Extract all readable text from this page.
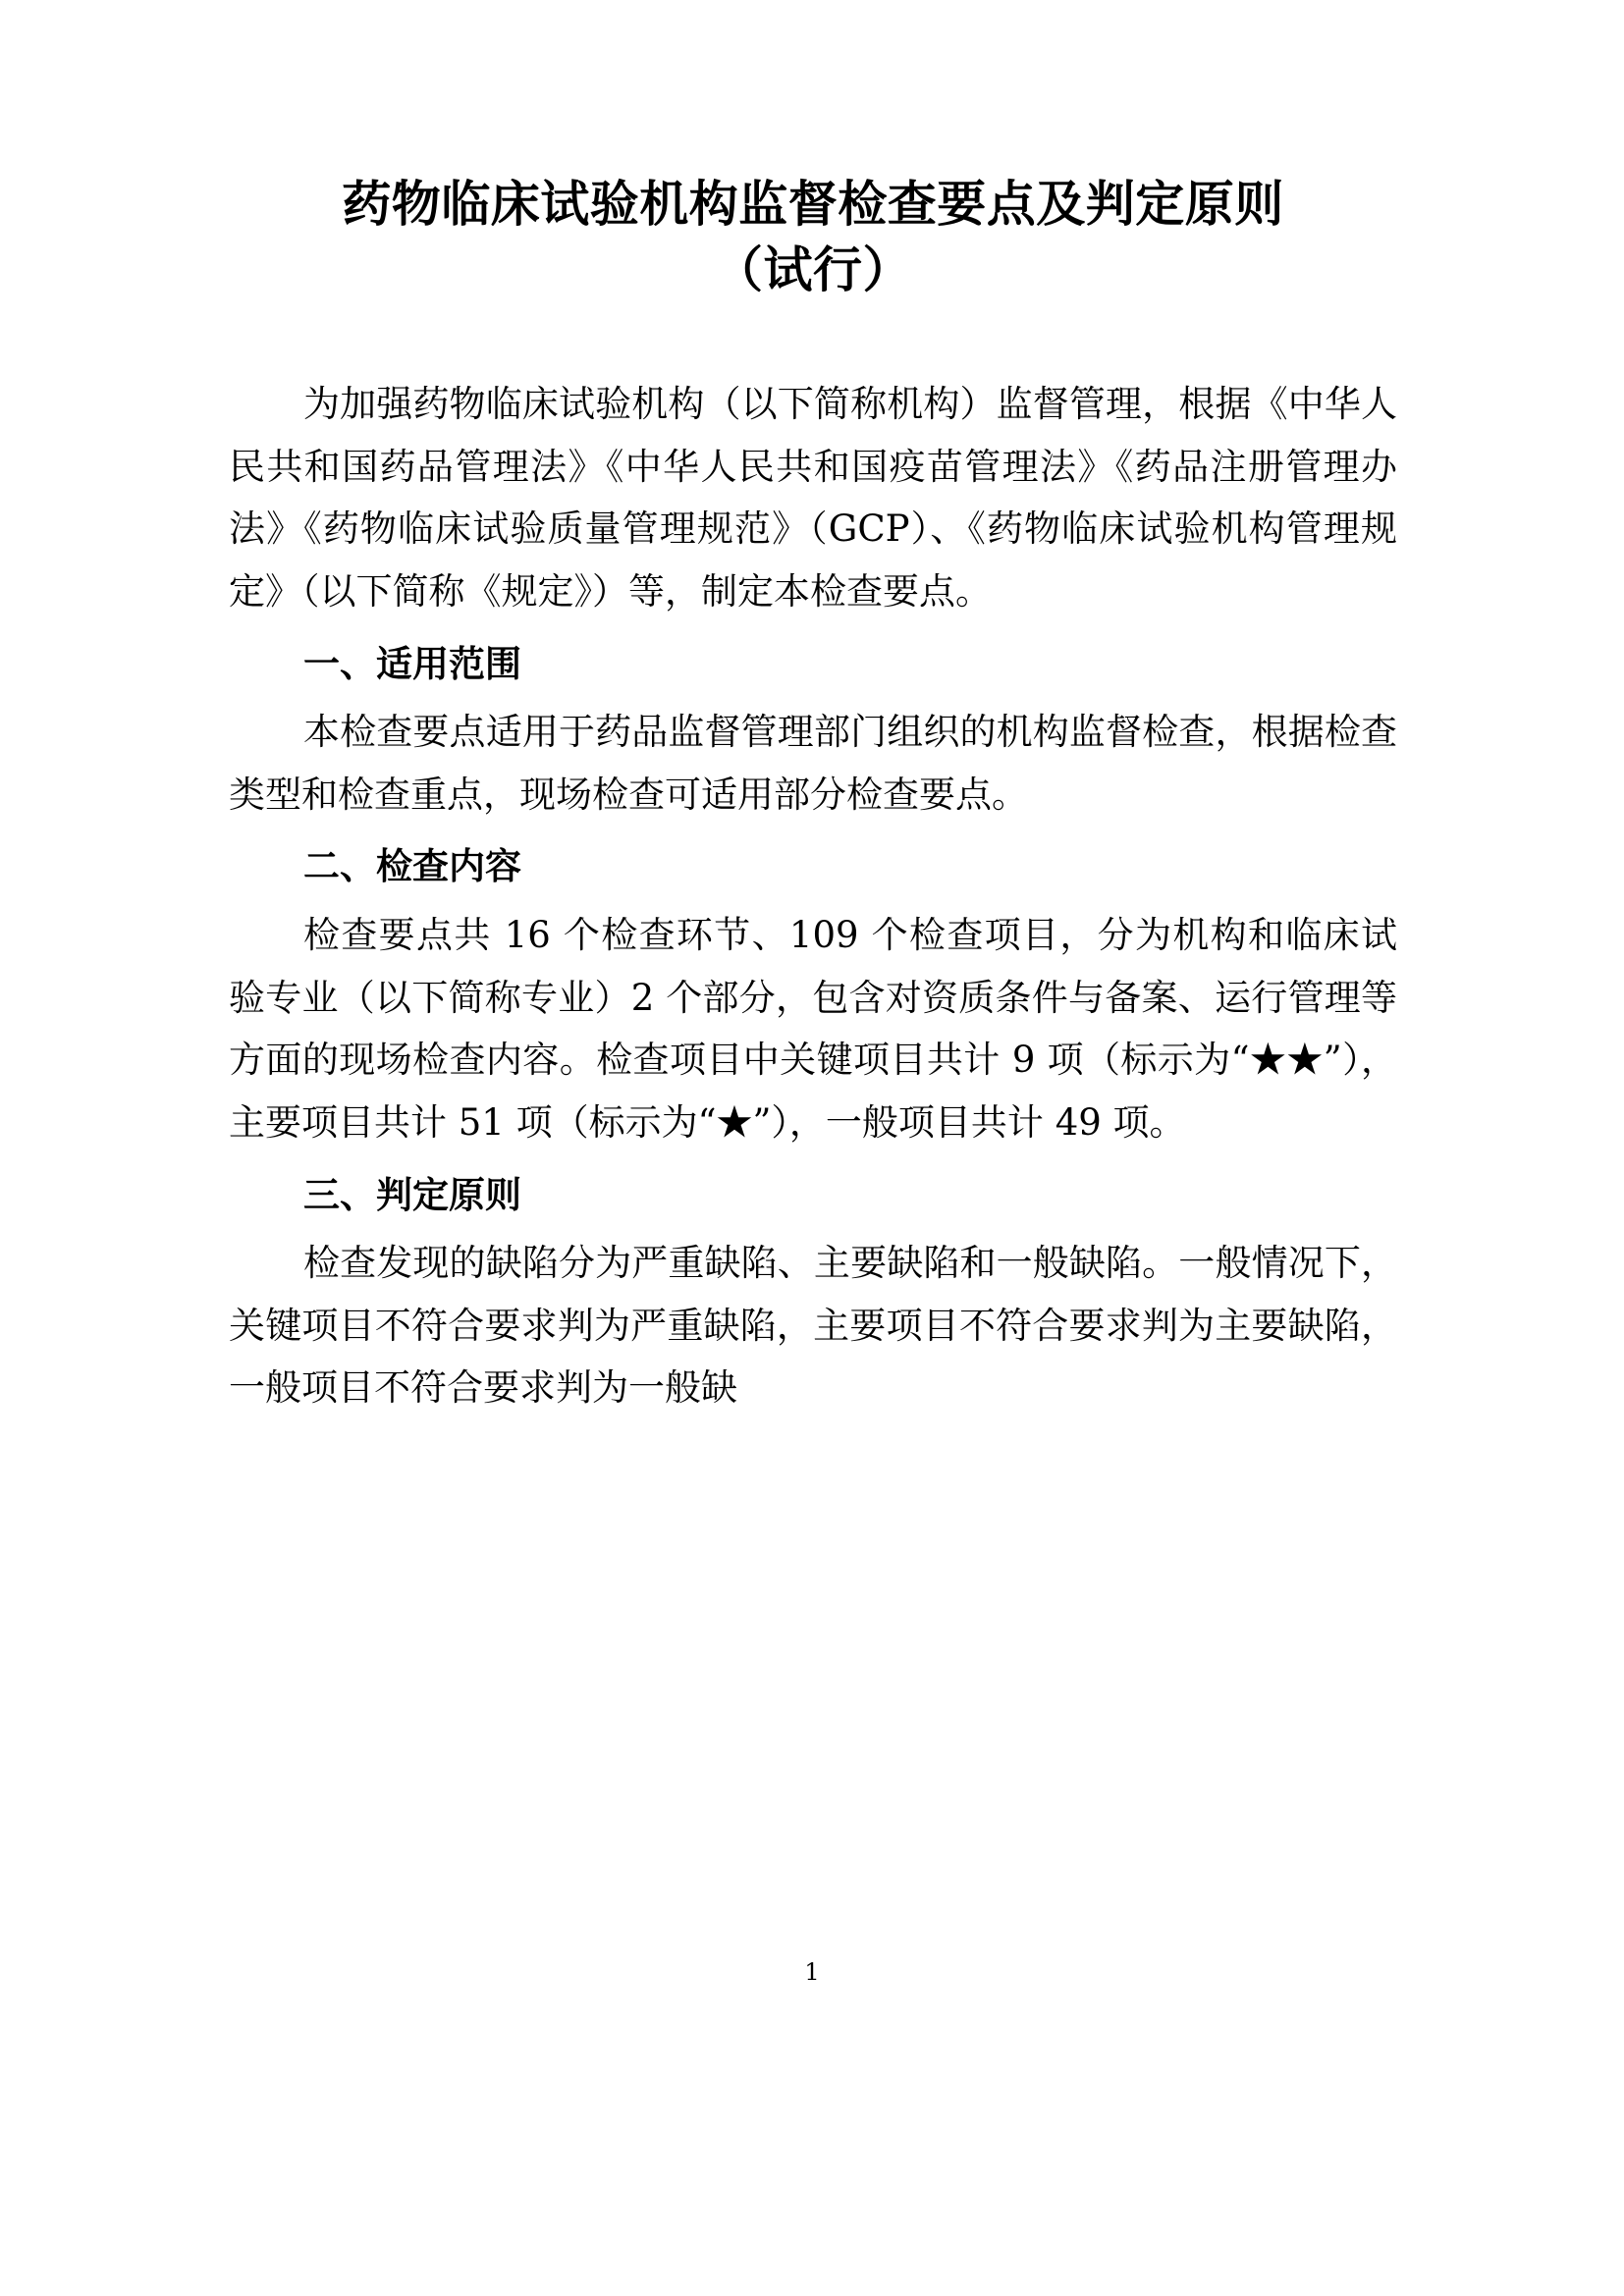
药物临床试验机构监督检查要点及判定原则
（试行）

为加强药物临床试验机构（以下简称机构）监督管理，根据《中华人民共和国药品管理法》《中华人民共和国疫苗管理法》《药品注册管理办法》《药物临床试验质量管理规范》（GCP）、《药物临床试验机构管理规定》（以下简称《规定》）等，制定本检查要点。

一、适用范围

本检查要点适用于药品监督管理部门组织的机构监督检查，根据检查类型和检查重点，现场检查可适用部分检查要点。

二、检查内容

检查要点共 16 个检查环节、109 个检查项目，分为机构和临床试验专业（以下简称专业）2 个部分，包含对资质条件与备案、运行管理等方面的现场检查内容。检查项目中关键项目共计 9 项（标示为“★★”），主要项目共计 51 项（标示为“★”），一般项目共计 49 项。

三、判定原则

检查发现的缺陷分为严重缺陷、主要缺陷和一般缺陷。一般情况下，关键项目不符合要求判为严重缺陷，主要项目不符合要求判为主要缺陷，一般项目不符合要求判为一般缺

1
